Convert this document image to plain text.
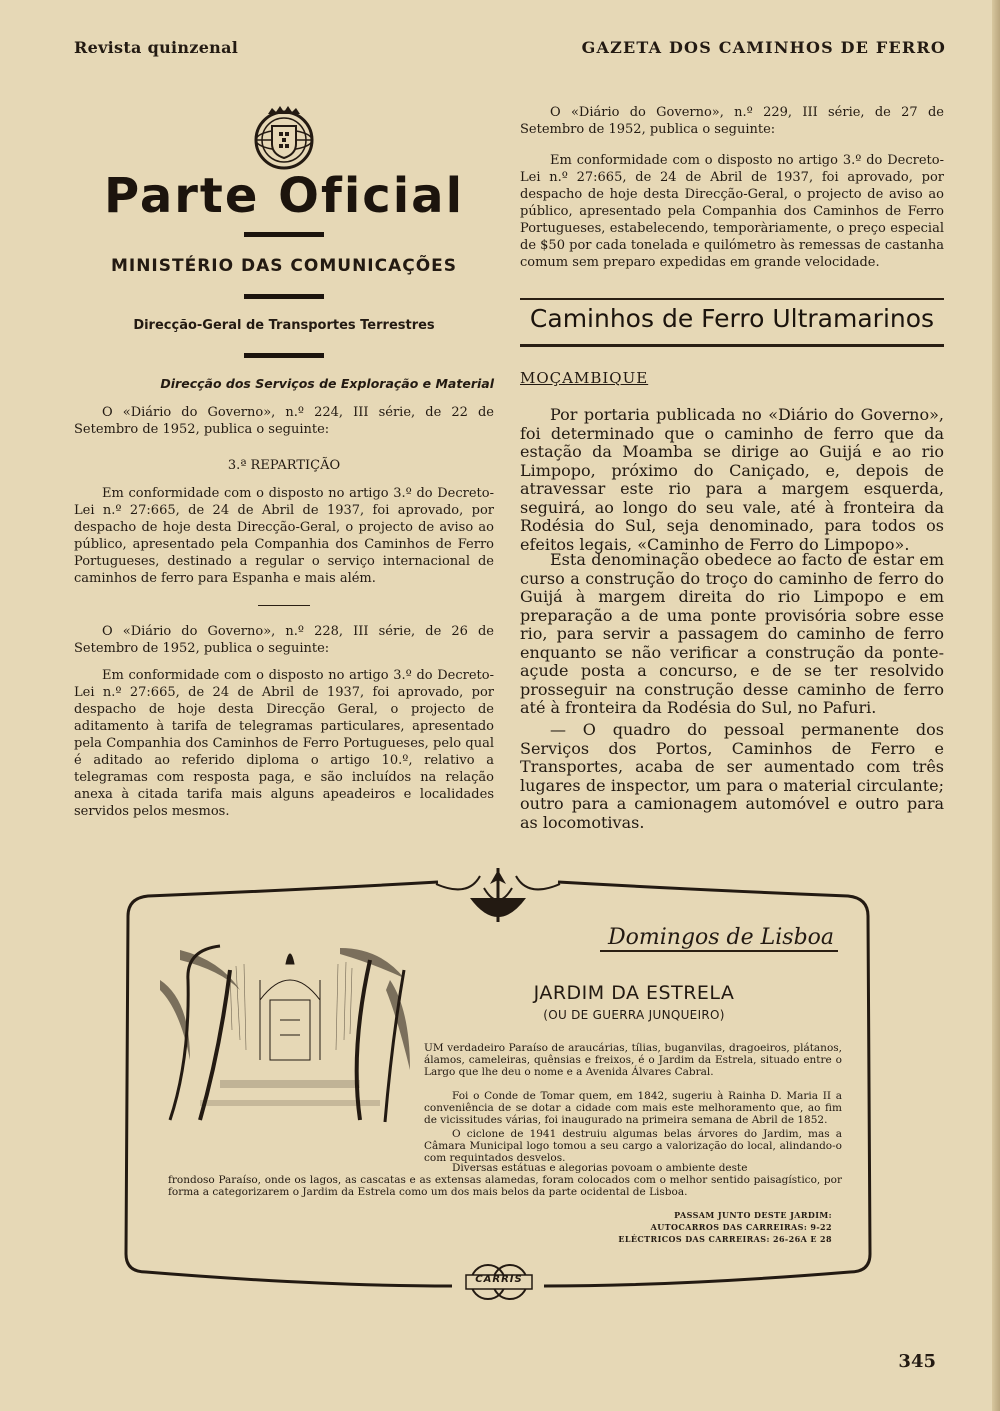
Revista quinzenal	GAZETA DOS CAMINHOS DE FERRO
Parte Oficial
MINISTÉRIO DAS COMUNICAÇÕES
Direcção-Geral de Transportes Terrestres
Direcção dos Serviços de Exploração e Material
O «Diário do Governo», n.º 224, III série, de 22 de Setembro de 1952, publica o seguinte:
3.ª REPARTIÇÃO
Em conformidade com o disposto no artigo 3.º do Decreto-Lei n.º 27:665, de 24 de Abril de 1937, foi aprovado, por despacho de hoje desta Direcção-Geral, o projecto de aviso ao público, apresentado pela Companhia dos Caminhos de Ferro Portugueses, destinado a regular o serviço internacional de caminhos de ferro para Espanha e mais além.
O «Diário do Governo», n.º 228, III série, de 26 de Setembro de 1952, publica o seguinte:
Em conformidade com o disposto no artigo 3.º do Decreto-Lei n.º 27:665, de 24 de Abril de 1937, foi aprovado, por despacho de hoje desta Direcção Geral, o projecto de aditamento à tarifa de telegramas particulares, apresentado pela Companhia dos Caminhos de Ferro Portugueses, pelo qual é aditado ao referido diploma o artigo 10.º, relativo a telegramas com resposta paga, e são incluídos na relação anexa à citada tarifa mais alguns apeadeiros e localidades servidos pelos mesmos.
O «Diário do Governo», n.º 229, III série, de 27 de Setembro de 1952, publica o seguinte:
Em conformidade com o disposto no artigo 3.º do Decreto-Lei n.º 27:665, de 24 de Abril de 1937, foi aprovado, por despacho de hoje desta Direcção-Geral, o projecto de aviso ao público, apresentado pela Companhia dos Caminhos de Ferro Portugueses, estabelecendo, temporàriamente, o preço especial de $50 por cada tonelada e quilómetro às remessas de castanha comum sem preparo expedidas em grande velocidade.
Caminhos de Ferro Ultramarinos
MOÇAMBIQUE
Por portaria publicada no «Diário do Governo», foi determinado que o caminho de ferro que da estação da Moamba se dirige ao Guijá e ao rio Limpopo, próximo do Caniçado, e, depois de atravessar este rio para a margem esquerda, seguirá, ao longo do seu vale, até à fronteira da Rodésia do Sul, seja denominado, para todos os efeitos legais, «Caminho de Ferro do Limpopo».
Esta denominação obedece ao facto de estar em curso a construção do troço do caminho de ferro do Guijá à margem direita do rio Limpopo e em preparação a de uma ponte provisória sobre esse rio, para servir a passagem do caminho de ferro enquanto se não verificar a construção da ponte-açude posta a concurso, e de se ter resolvido prosseguir na construção desse caminho de ferro até à fronteira da Rodésia do Sul, no Pafuri.
— O quadro do pessoal permanente dos Serviços dos Portos, Caminhos de Ferro e Transportes, acaba de ser aumentado com três lugares de inspector, um para o material circulante; outro para a camionagem automóvel e outro para as locomotivas.
Domingos de Lisboa
JARDIM DA ESTRELA
(OU DE GUERRA JUNQUEIRO)
UM verdadeiro Paraíso de araucárias, tílias, buganvilas, dragoeiros, plátanos, álamos, cameleiras, quênsias e freixos, é o Jardim da Estrela, situado entre o Largo que lhe deu o nome e a Avenida Álvares Cabral.
Foi o Conde de Tomar quem, em 1842, sugeriu à Rainha D. Maria II a conveniência de se dotar a cidade com mais este melhoramento que, ao fim de vicissitudes várias, foi inaugurado na primeira semana de Abril de 1852.
O ciclone de 1941 destruiu algumas belas árvores do Jardim, mas a Câmara Municipal logo tomou a seu cargo a valorização do local, alindando-o com requintados desvelos.
Diversas estátuas e alegorias povoam o ambiente deste
frondoso Paraíso, onde os lagos, as cascatas e as extensas alamedas, foram colocados com o melhor sentido paisagístico, por forma a categorizarem o Jardim da Estrela como um dos mais belos da parte ocidental de Lisboa.
PASSAM JUNTO DESTE JARDIM:
AUTOCARROS DAS CARREIRAS: 9-22
ELÉCTRICOS DAS CARREIRAS: 26-26A E 28
CARRIS
345
